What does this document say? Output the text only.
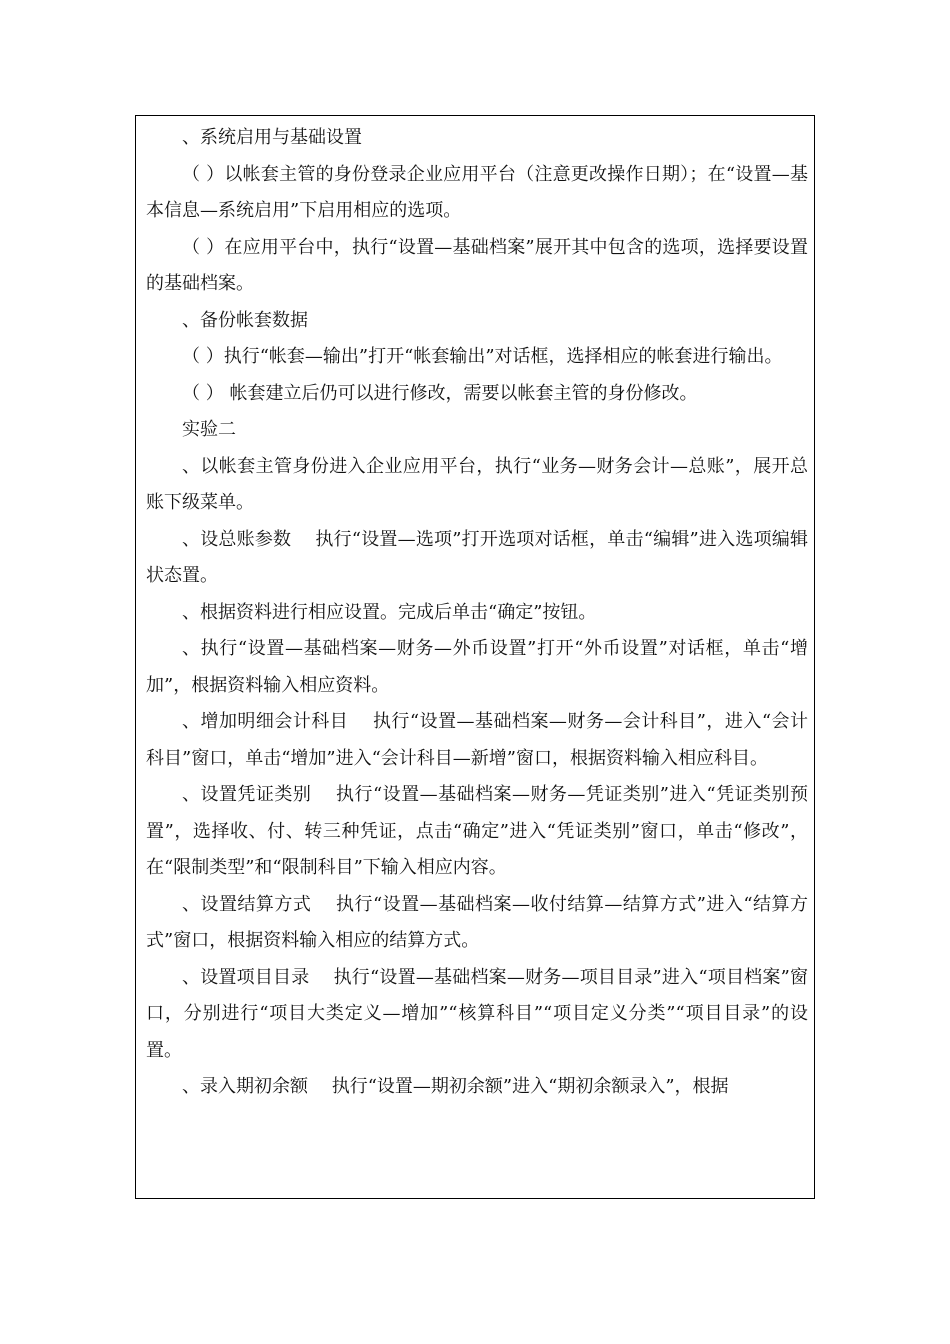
、系统启用与基础设置

（ ）以帐套主管的身份登录企业应用平台（注意更改操作日期）；在“设置—基本信息—系统启用”下启用相应的选项。

（ ）在应用平台中，执行“设置—基础档案”展开其中包含的选项，选择要设置的基础档案。

、备份帐套数据

（ ）执行“帐套—输出”打开“帐套输出”对话框，选择相应的帐套进行输出。

（ ） 帐套建立后仍可以进行修改，需要以帐套主管的身份修改。

实验二

、以帐套主管身份进入企业应用平台，执行“业务—财务会计—总账”，展开总账下级菜单。

、设总账参数　 执行“设置—选项”打开选项对话框，单击“编辑”进入选项编辑状态置。

、根据资料进行相应设置。完成后单击“确定”按钮。

、执行“设置—基础档案—财务—外币设置”打开“外币设置”对话框，单击“增加”，根据资料输入相应资料。

、增加明细会计科目　 执行“设置—基础档案—财务—会计科目”，进入“会计科目”窗口，单击“增加”进入“会计科目—新增”窗口，根据资料输入相应科目。

、设置凭证类别　 执行“设置—基础档案—财务—凭证类别”进入“凭证类别预置”，选择收、付、转三种凭证，点击“确定”进入“凭证类别”窗口，单击“修改”，在“限制类型”和“限制科目”下输入相应内容。

、设置结算方式　 执行“设置—基础档案—收付结算—结算方式”进入“结算方式”窗口，根据资料输入相应的结算方式。

、设置项目目录　 执行“设置—基础档案—财务—项目目录”进入“项目档案”窗口，分别进行“项目大类定义—增加”“核算科目”“项目定义分类”“项目目录”的设置。

、录入期初余额　 执行“设置—期初余额”进入“期初余额录入”，根据
